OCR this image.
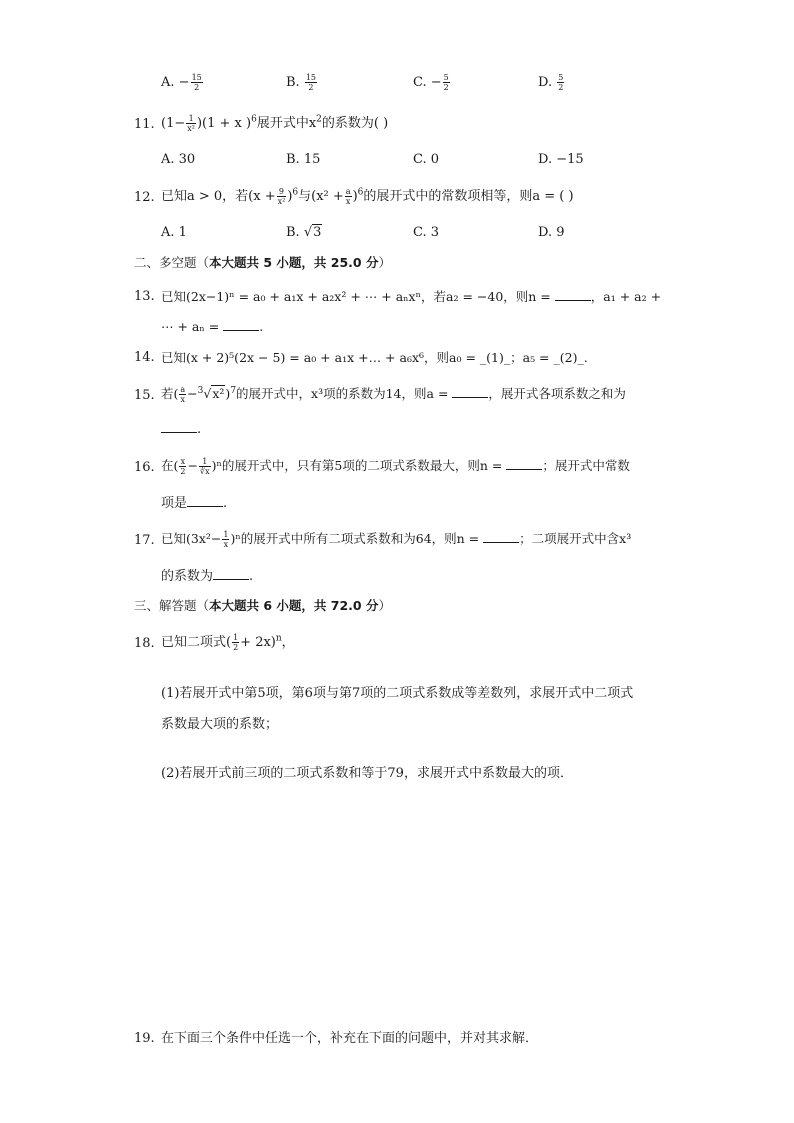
A. − $\frac{15}{2}$	B. $\frac{15}{2}$	C. − $\frac{5}{2}$	D. $\frac{5}{2}$
11. $(1- \frac{1}{\text{x²}} )(1 + x$ )$^6$展开式中$x^2$的系数为( )
A. 30	B. 15	C. 0	D. −15
12. 已知a > 0，若$(x + \frac{9}{\text{x²}} )^6$与$(x^2 + \frac{a}{x} )^6$的展开式中的常数项相等，则a = ( )
A. 1	B. √3	C. 3	D. 9
二、多空题（本大题共 5 小题，共 25.0 分）
13. 已知(2x−1)ⁿ = a₀ + a₁x + a₂x² + ⋯ + aₙxⁿ，若a₂ = −40，则n =	，a₁ + a₂ +
⋯ + aₙ =	.
14. 已知(x + 2)⁵(2x − 5) = a₀ + a₁x +… + a₆x⁶，则a₀ = _(1)_；a₅ = _(2)_.
15. 若( $\frac{a}{x} -^3√x^2)^7$的展开式中，x³项的系数为14，则a =	，展开式各项系数之和为
.
16. 在( $\frac{x}{2} - \frac{1}{∛x} )^n$的展开式中，只有第5项的二项式系数最大，则n =	；展开式中常数
项是	.
17. 已知$(3x^2- \frac{1}{x} )^n$的展开式中所有二项式系数和为64，则n =	；二项展开式中含x³
的系数为	.
三、解答题（本大题共 6 小题，共 72.0 分）
18. 已知二项式( $\frac{1}{2} + 2x)^n$，
(1)若展开式中第5项，第6项与第7项的二项式系数成等差数列，求展开式中二项式
系数最大项的系数；
(2)若展开式前三项的二项式系数和等于79，求展开式中系数最大的项．
19. 在下面三个条件中任选一个，补充在下面的问题中，并对其求解．
